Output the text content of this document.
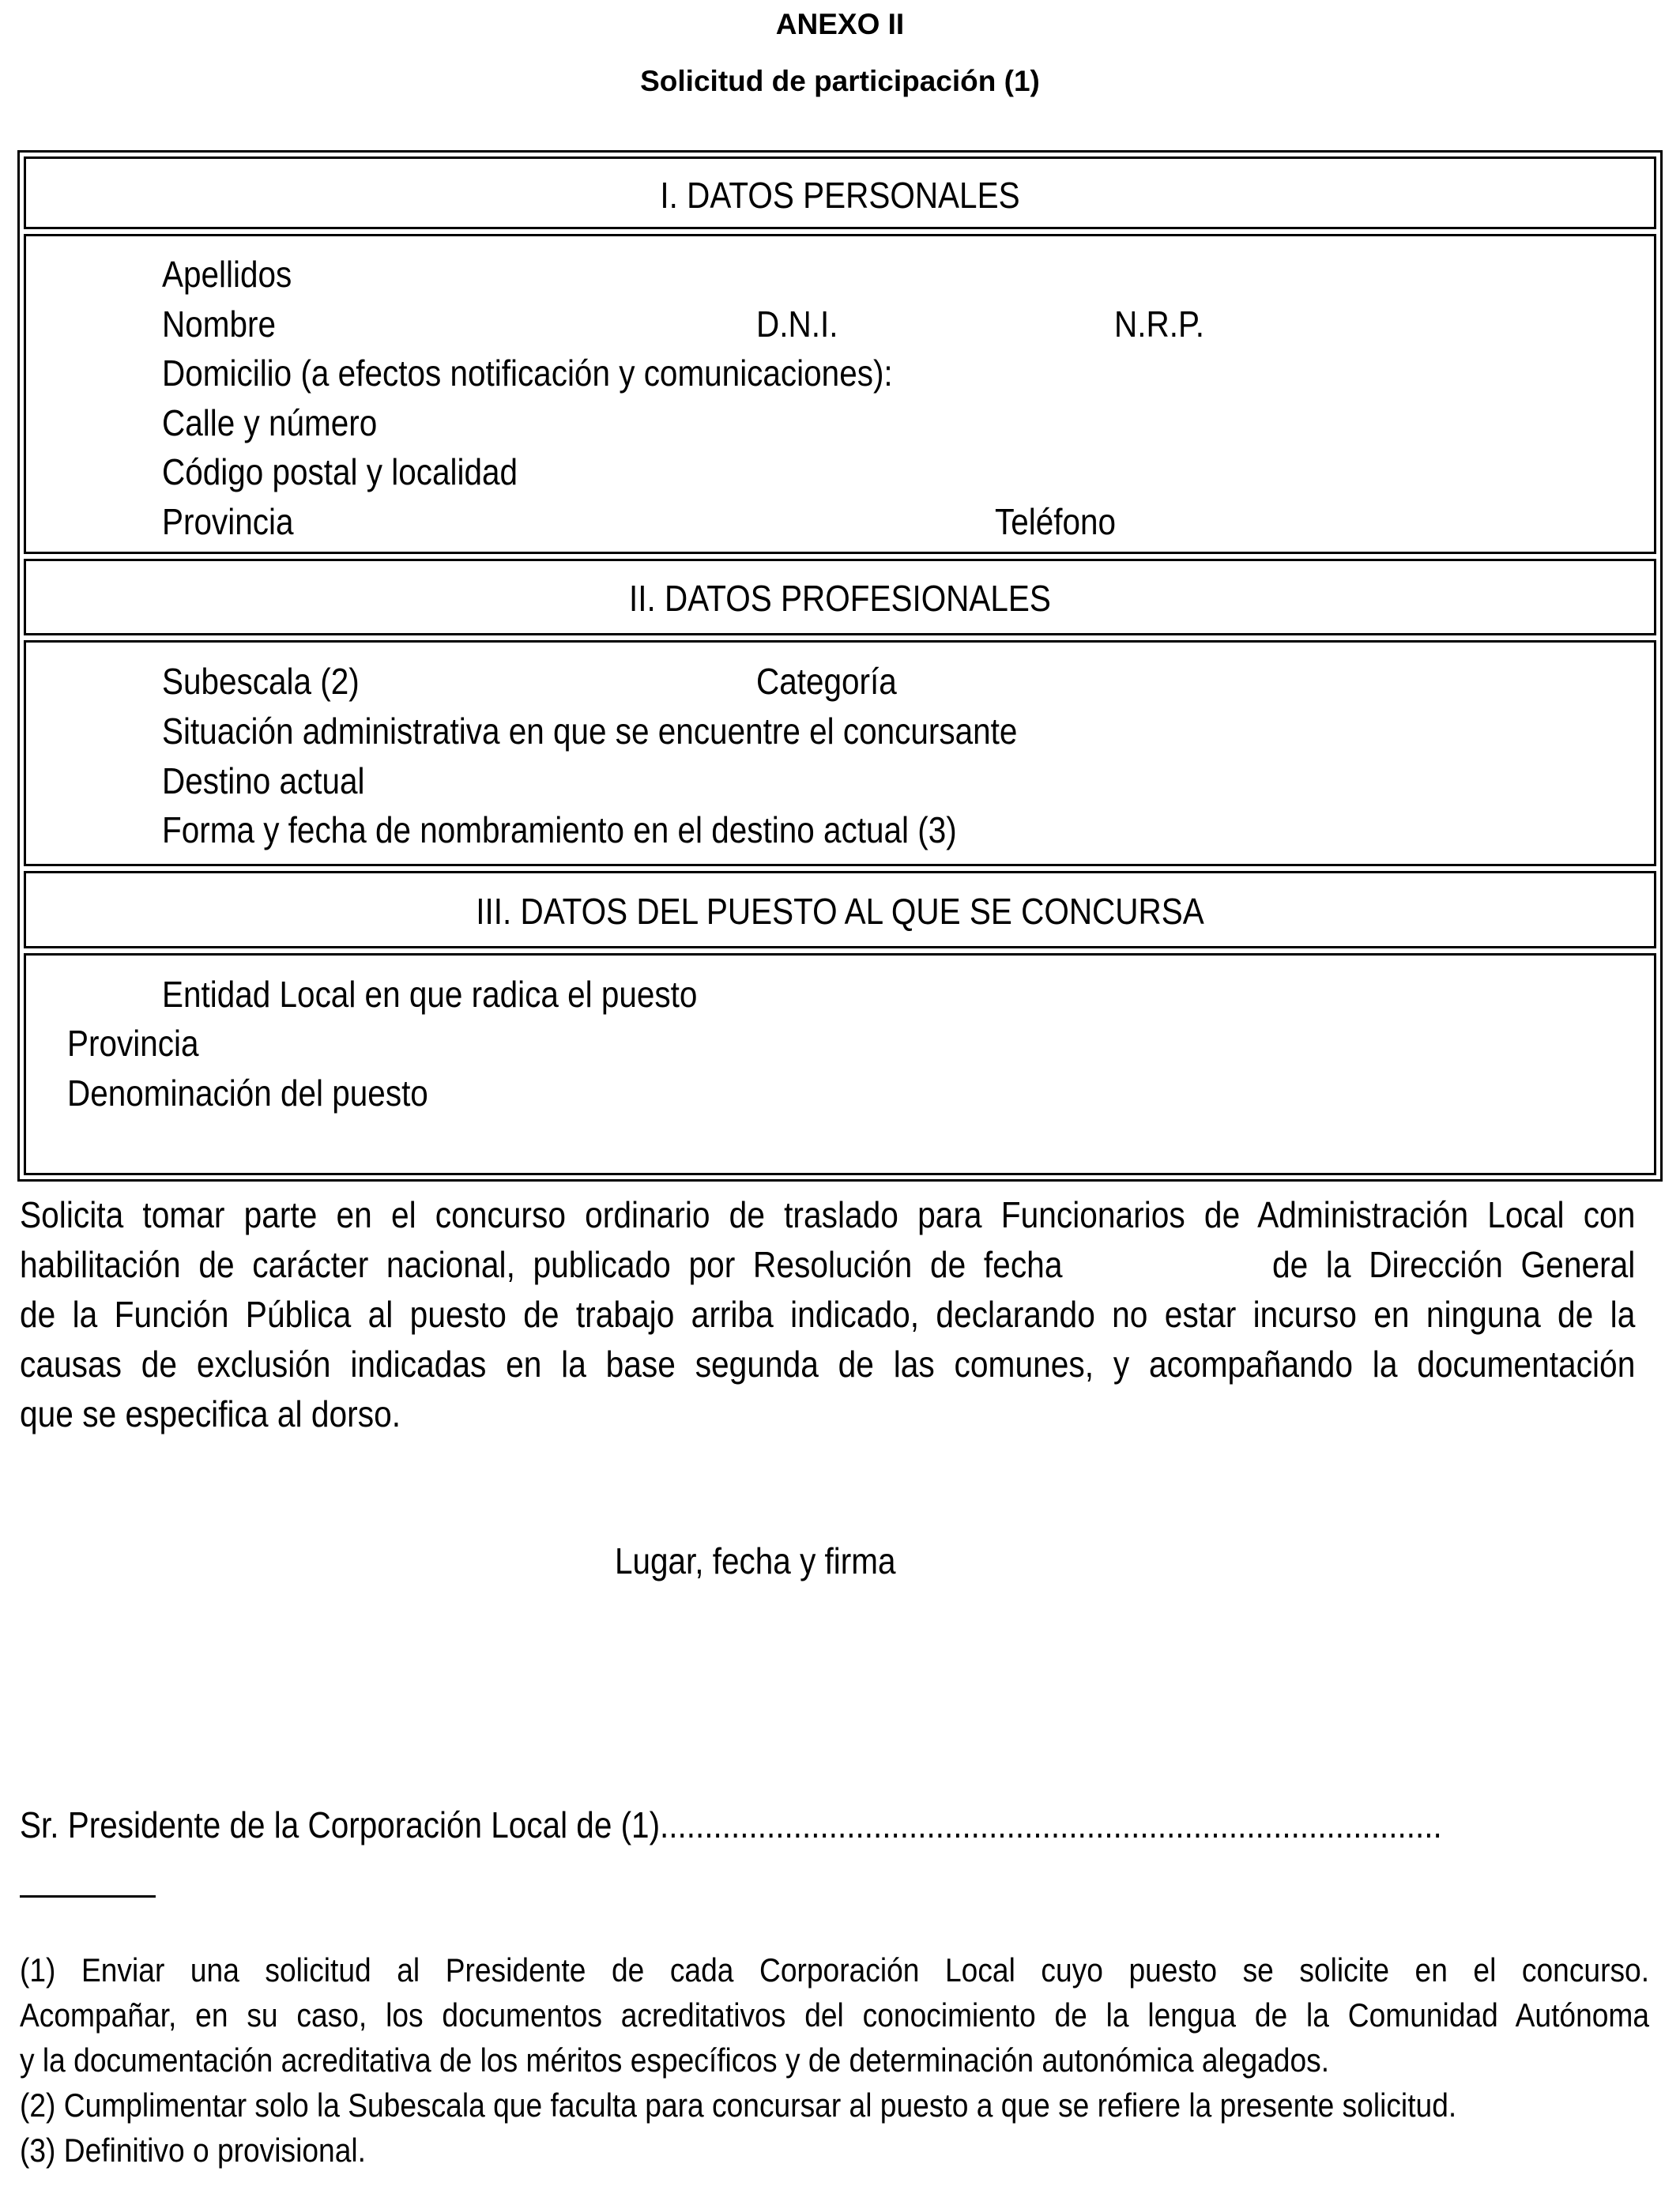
ANEXO II
Solicitud de participación (1)
I. DATOS PERSONALES
Apellidos
Nombre	D.N.I.	N.R.P.
Domicilio (a efectos notificación y comunicaciones):
Calle y número
Código postal y localidad
Provincia	Teléfono
II. DATOS PROFESIONALES
Subescala (2)	Categoría
Situación administrativa en que se encuentre el concursante
Destino actual
Forma y fecha de nombramiento en el destino actual (3)
III. DATOS DEL PUESTO AL QUE SE CONCURSA
Entidad Local en que radica el puesto
Provincia
Denominación del puesto
Solicita tomar parte en el concurso ordinario de traslado para Funcionarios de Administración Local con
habilitación de carácter nacional, publicado por Resolución de fecha	de la Dirección General
de la Función Pública al puesto de trabajo arriba indicado, declarando no estar incurso en ninguna de la
causas de exclusión indicadas en la base segunda de las comunes, y acompañando la documentación
que se especifica al dorso.
Lugar, fecha y firma
Sr. Presidente de la Corporación Local de (1)........................................................................................
(1) Enviar una solicitud al Presidente de cada Corporación Local cuyo puesto se solicite en el concurso.
Acompañar, en su caso, los documentos acreditativos del conocimiento de la lengua de la Comunidad Autónoma
y la documentación acreditativa de los méritos específicos y de determinación autonómica alegados.
(2) Cumplimentar solo la Subescala que faculta para concursar al puesto a que se refiere la presente solicitud.
(3) Definitivo o provisional.
